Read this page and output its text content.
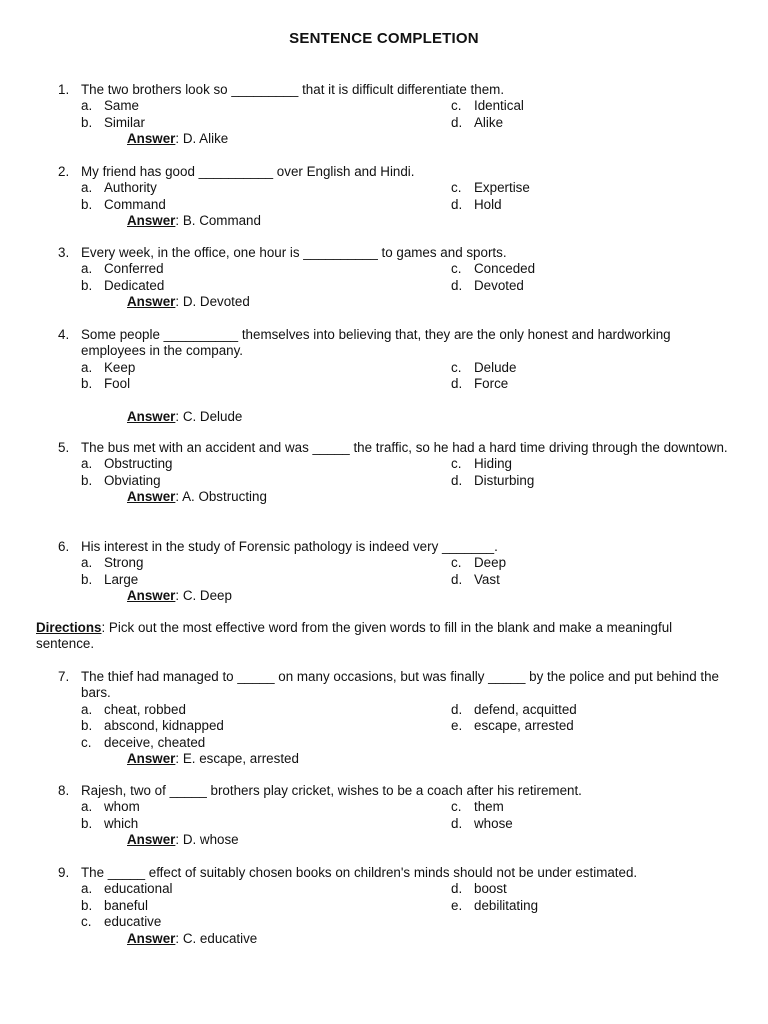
SENTENCE COMPLETION
1. The two brothers look so _________ that it is difficult differentiate them.
a. Same	c. Identical
b. Similar	d. Alike
Answer: D. Alike
2. My friend has good __________ over English and Hindi.
a. Authority	c. Expertise
b. Command	d. Hold
Answer: B. Command
3. Every week, in the office, one hour is __________ to games and sports.
a. Conferred	c. Conceded
b. Dedicated	d. Devoted
Answer: D. Devoted
4. Some people __________ themselves into believing that, they are the only honest and hardworking employees in the company.
a. Keep	c. Delude
b. Fool	d. Force
Answer: C. Delude
5. The bus met with an accident and was _____ the traffic, so he had a hard time driving through the downtown.
a. Obstructing	c. Hiding
b. Obviating	d. Disturbing
Answer: A. Obstructing
6. His interest in the study of Forensic pathology is indeed very _______.
a. Strong	c. Deep
b. Large	d. Vast
Answer: C. Deep
Directions: Pick out the most effective word from the given words to fill in the blank and make a meaningful sentence.
7. The thief had managed to _____ on many occasions, but was finally _____ by the police and put behind the bars.
a. cheat, robbed	d. defend, acquitted
b. abscond, kidnapped	e. escape, arrested
c. deceive, cheated
Answer: E. escape, arrested
8. Rajesh, two of _____ brothers play cricket, wishes to be a coach after his retirement.
a. whom	c. them
b. which	d. whose
Answer: D. whose
9. The _____ effect of suitably chosen books on children's minds should not be under estimated.
a. educational	d. boost
b. baneful	e. debilitating
c. educative
Answer: C. educative
